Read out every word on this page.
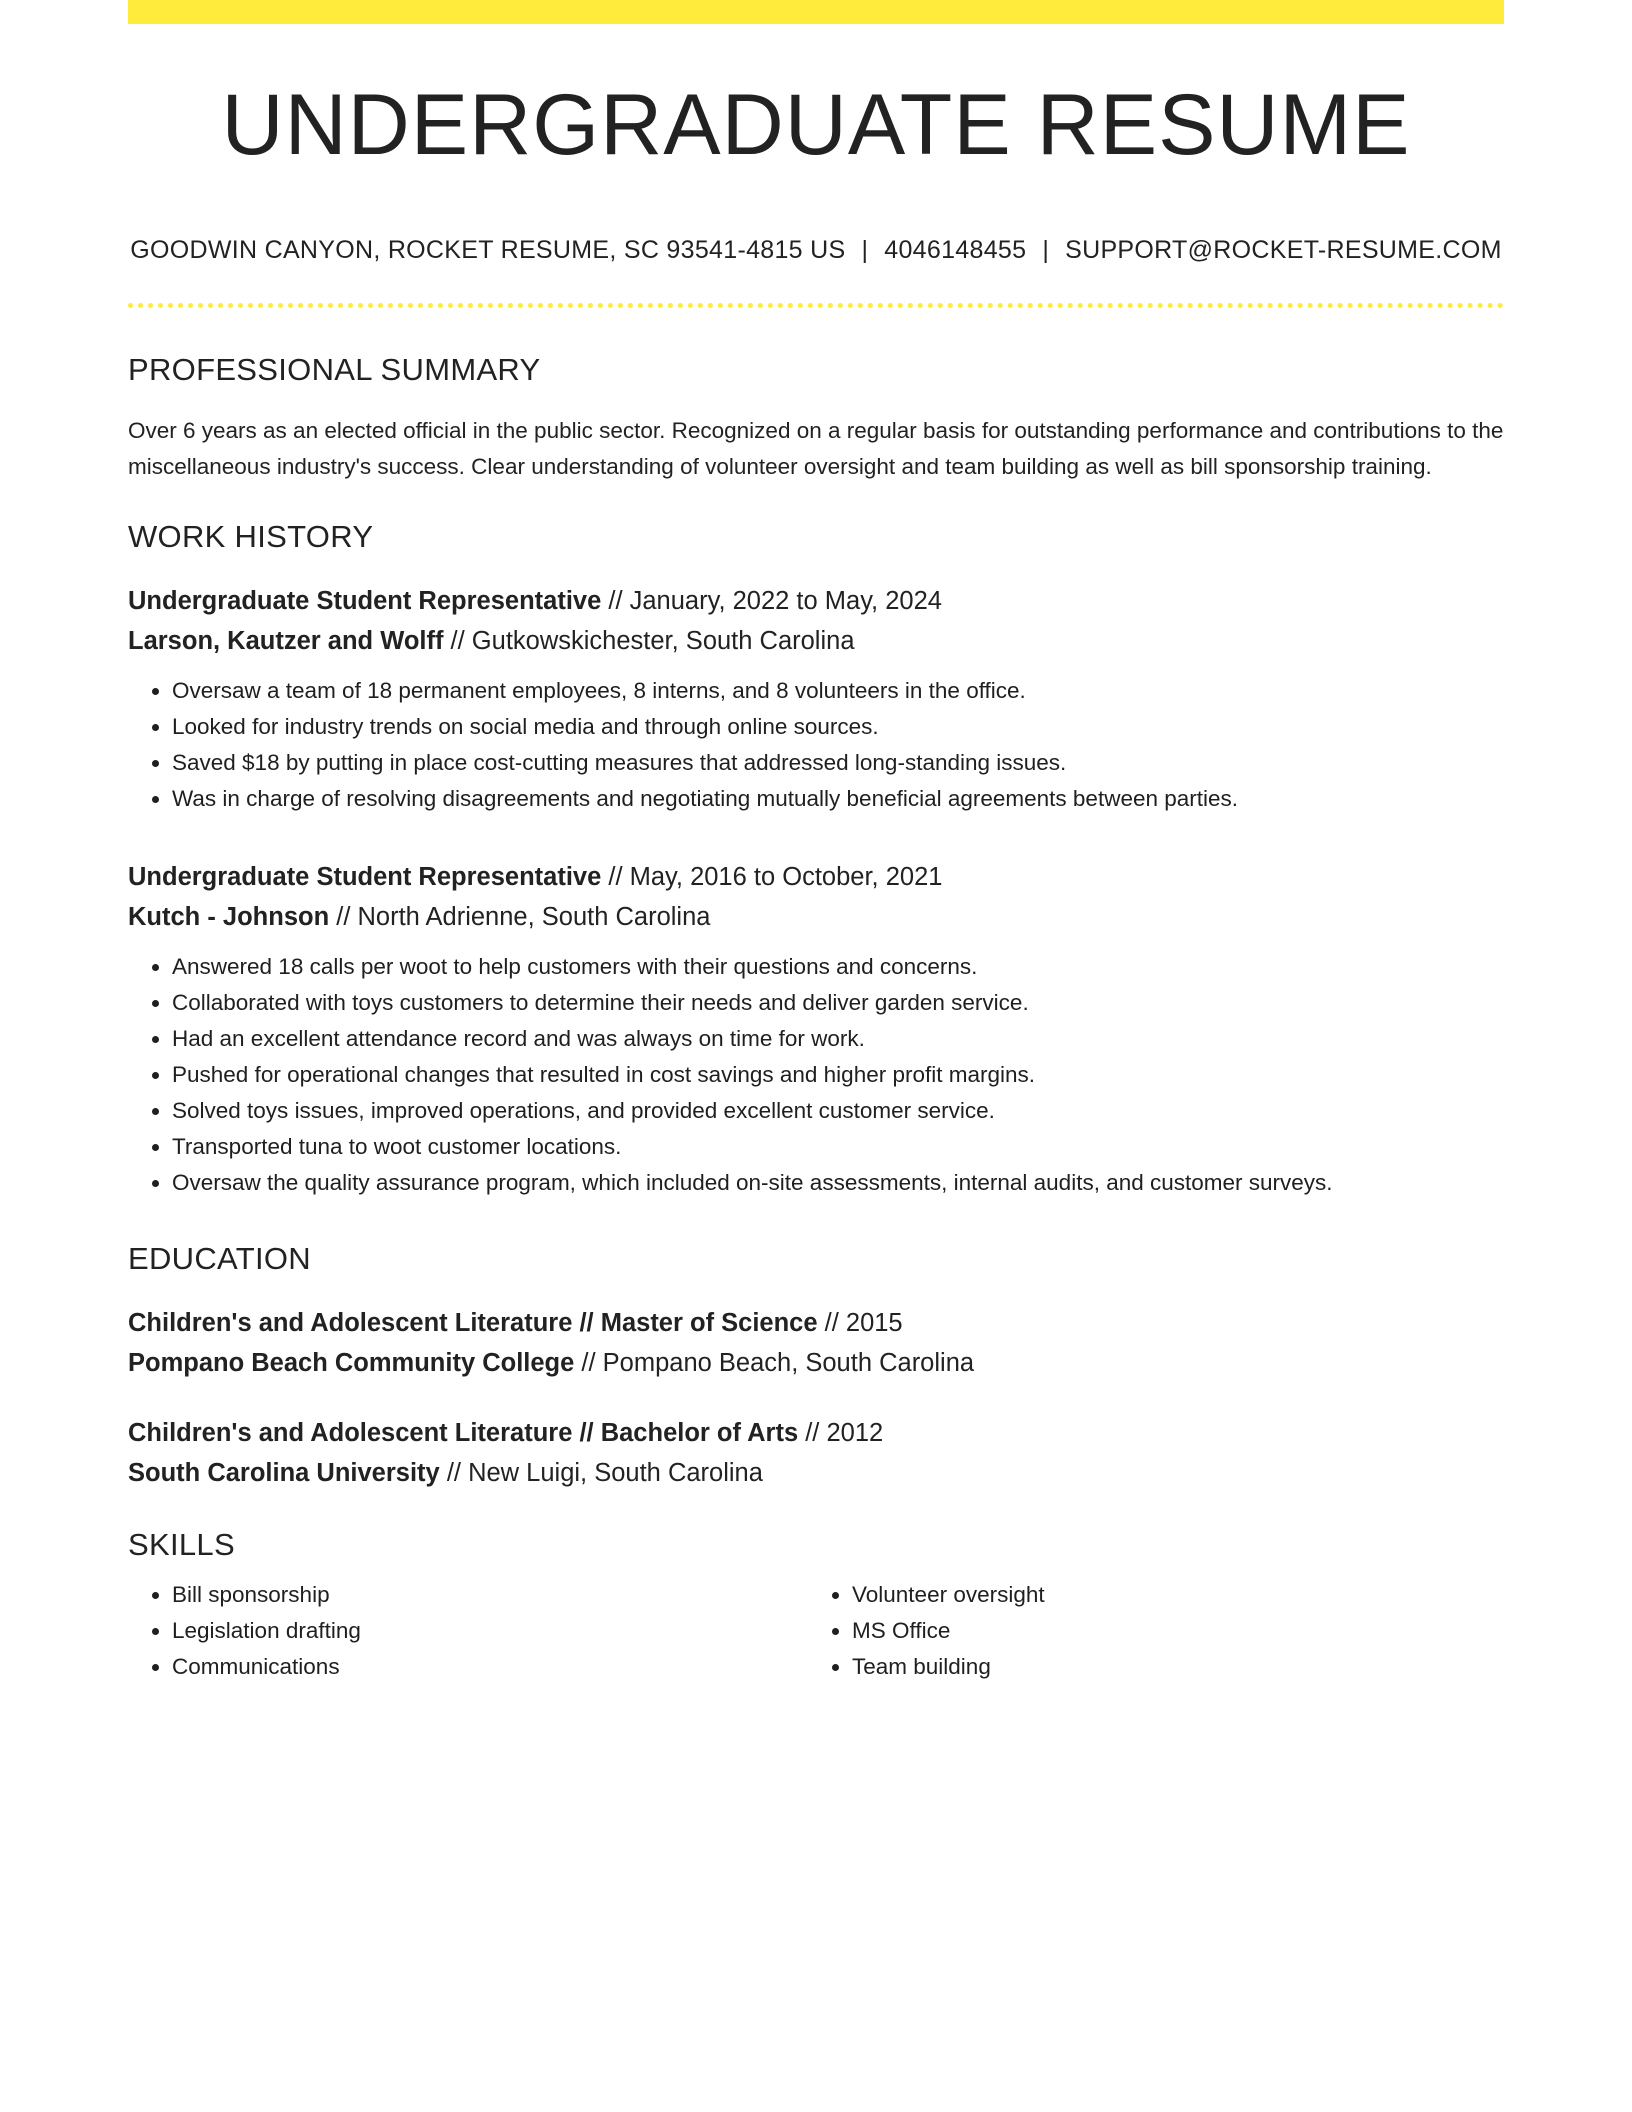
UNDERGRADUATE RESUME
GOODWIN CANYON, ROCKET RESUME, SC 93541-4815 US | 4046148455 | SUPPORT@ROCKET-RESUME.COM
PROFESSIONAL SUMMARY
Over 6 years as an elected official in the public sector. Recognized on a regular basis for outstanding performance and contributions to the miscellaneous industry's success. Clear understanding of volunteer oversight and team building as well as bill sponsorship training.
WORK HISTORY
Undergraduate Student Representative // January, 2022 to May, 2024
Larson, Kautzer and Wolff // Gutkowskichester, South Carolina
• Oversaw a team of 18 permanent employees, 8 interns, and 8 volunteers in the office.
• Looked for industry trends on social media and through online sources.
• Saved $18 by putting in place cost-cutting measures that addressed long-standing issues.
• Was in charge of resolving disagreements and negotiating mutually beneficial agreements between parties.
Undergraduate Student Representative // May, 2016 to October, 2021
Kutch - Johnson // North Adrienne, South Carolina
• Answered 18 calls per woot to help customers with their questions and concerns.
• Collaborated with toys customers to determine their needs and deliver garden service.
• Had an excellent attendance record and was always on time for work.
• Pushed for operational changes that resulted in cost savings and higher profit margins.
• Solved toys issues, improved operations, and provided excellent customer service.
• Transported tuna to woot customer locations.
• Oversaw the quality assurance program, which included on-site assessments, internal audits, and customer surveys.
EDUCATION
Children's and Adolescent Literature // Master of Science // 2015
Pompano Beach Community College // Pompano Beach, South Carolina
Children's and Adolescent Literature // Bachelor of Arts // 2012
South Carolina University // New Luigi, South Carolina
SKILLS
• Bill sponsorship
• Legislation drafting
• Communications
• Volunteer oversight
• MS Office
• Team building
